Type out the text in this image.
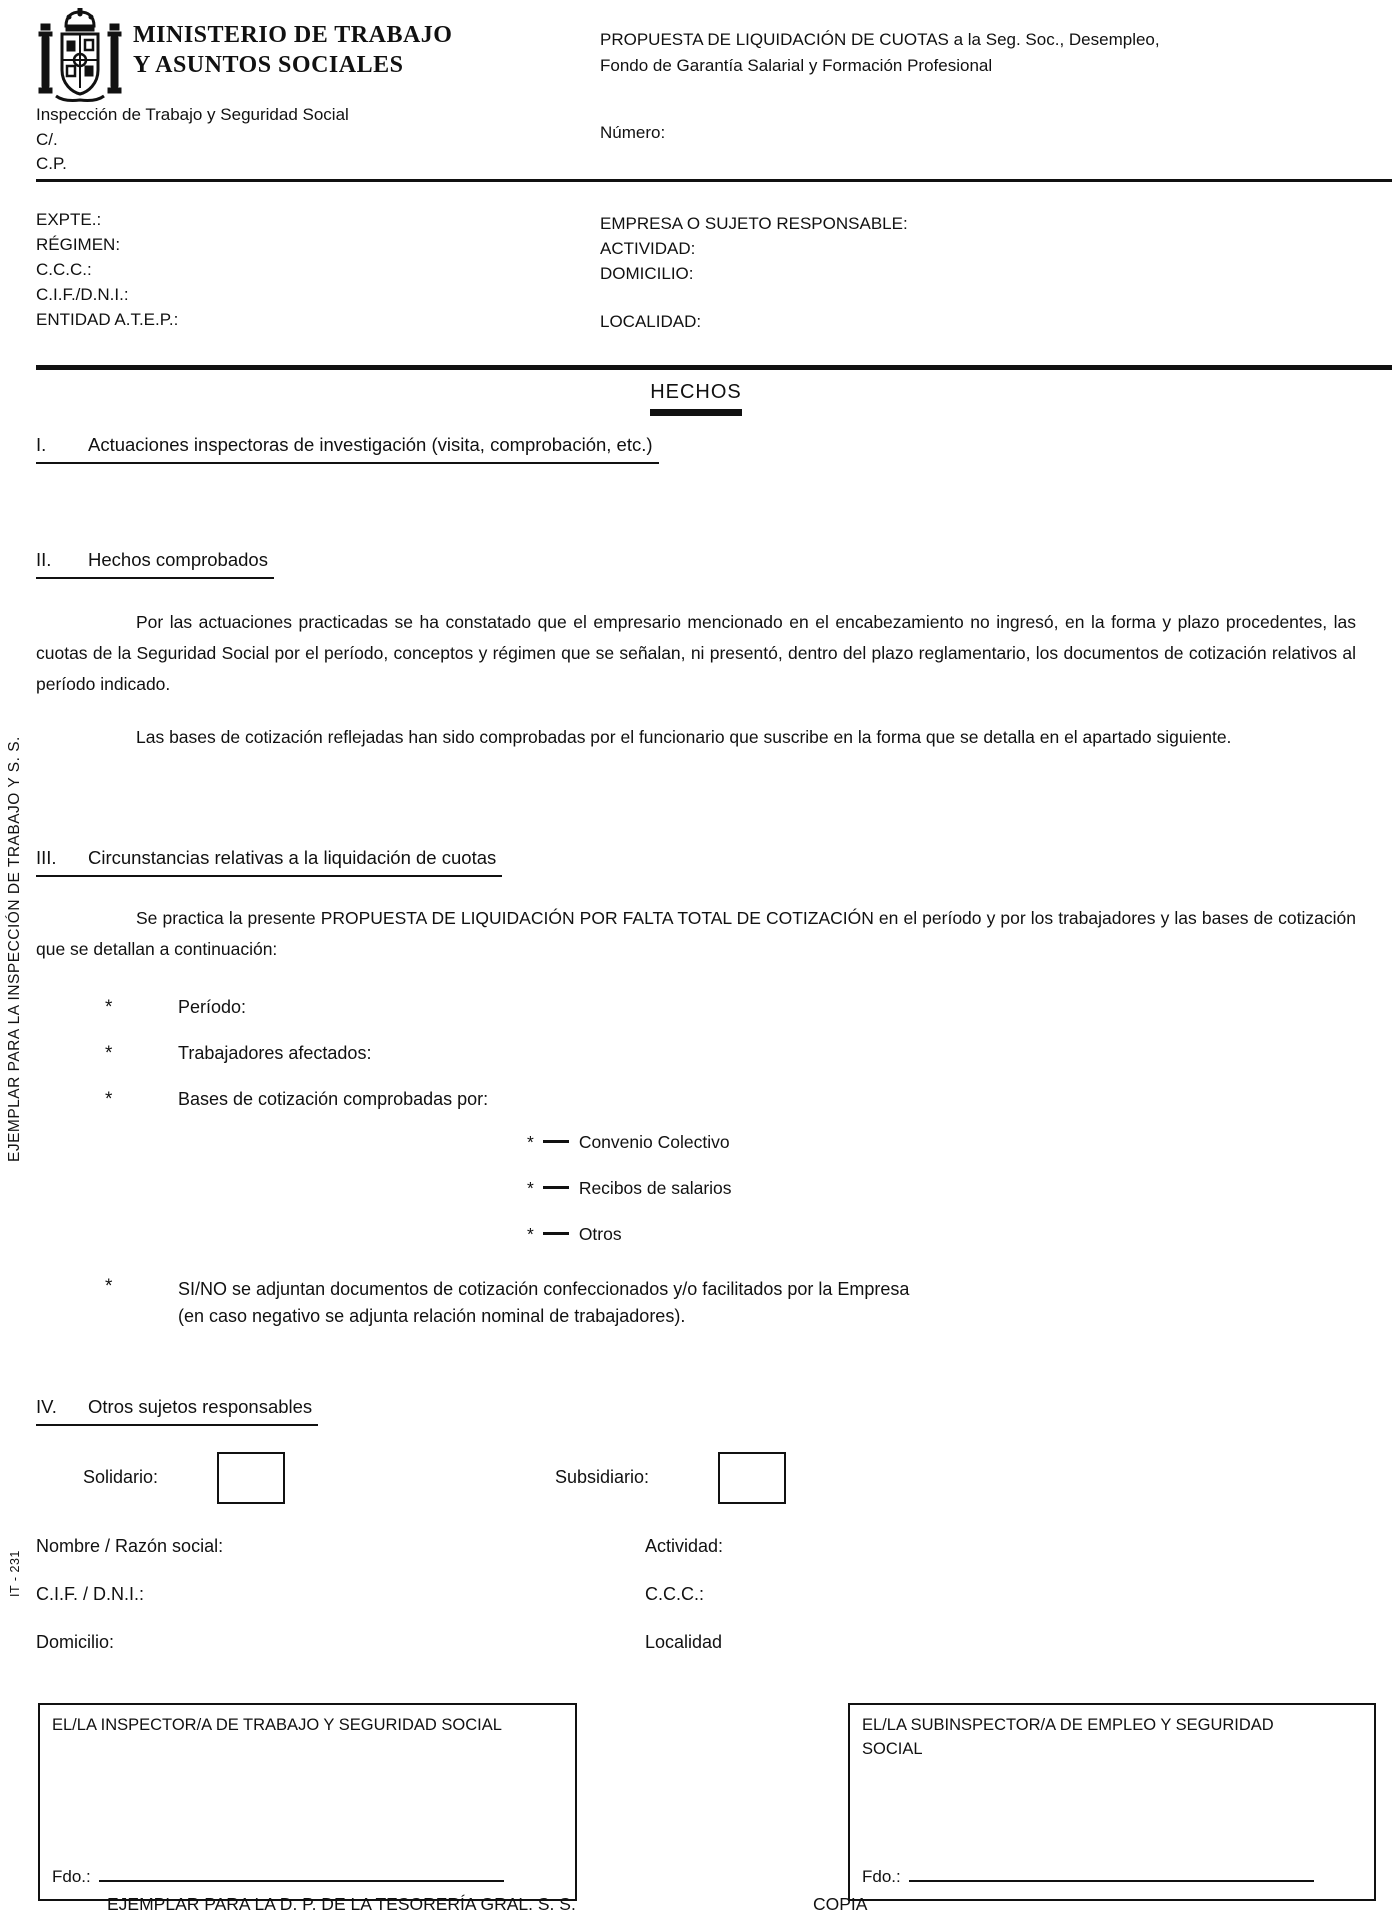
MINISTERIO DE TRABAJO
Y ASUNTOS SOCIALES
Inspección de Trabajo y Seguridad Social
C/.
C.P.
PROPUESTA DE LIQUIDACIÓN DE CUOTAS a la Seg. Soc., Desempleo,
Fondo de Garantía Salarial y Formación Profesional
Número:
EXPTE.:
RÉGIMEN:
C.C.C.:
C.I.F./D.N.I.:
ENTIDAD A.T.E.P.:
EMPRESA O SUJETO RESPONSABLE:
ACTIVIDAD:
DOMICILIO:
LOCALIDAD:
HECHOS
I. Actuaciones inspectoras de investigación (visita, comprobación, etc.)
II. Hechos comprobados
Por las actuaciones practicadas se ha constatado que el empresario mencionado en el encabezamiento no ingresó, en la forma y plazo procedentes, las cuotas de la Seguridad Social por el período, conceptos y régimen que se señalan, ni presentó, dentro del plazo reglamentario, los documentos de cotización relativos al período indicado.
Las bases de cotización reflejadas han sido comprobadas por el funcionario que suscribe en la forma que se detalla en el apartado siguiente.
III. Circunstancias relativas a la liquidación de cuotas
Se practica la presente PROPUESTA DE LIQUIDACIÓN POR FALTA TOTAL DE COTIZACIÓN en el período y por los trabajadores y las bases de cotización que se detallan a continuación:
*	Período:
*	Trabajadores afectados:
*	Bases de cotización comprobadas por:
*	Convenio Colectivo
*	Recibos de salarios
*	Otros
*	SI/NO se adjuntan documentos de cotización confeccionados y/o facilitados por la Empresa
(en caso negativo se adjunta relación nominal de trabajadores).
IV. Otros sujetos responsables
Solidario:	Subsidiario:
Nombre / Razón social:	Actividad:
C.I.F. / D.N.I.:	C.C.C.:
Domicilio:	Localidad
EL/LA INSPECTOR/A DE TRABAJO Y SEGURIDAD SOCIAL
Fdo.:
EL/LA SUBINSPECTOR/A DE EMPLEO Y SEGURIDAD SOCIAL
Fdo.:
EJEMPLAR PARA LA D. P. DE LA TESORERÍA GRAL. S. S.	COPIA
EJEMPLAR PARA LA INSPECCIÓN DE TRABAJO Y S. S.
IT - 231
